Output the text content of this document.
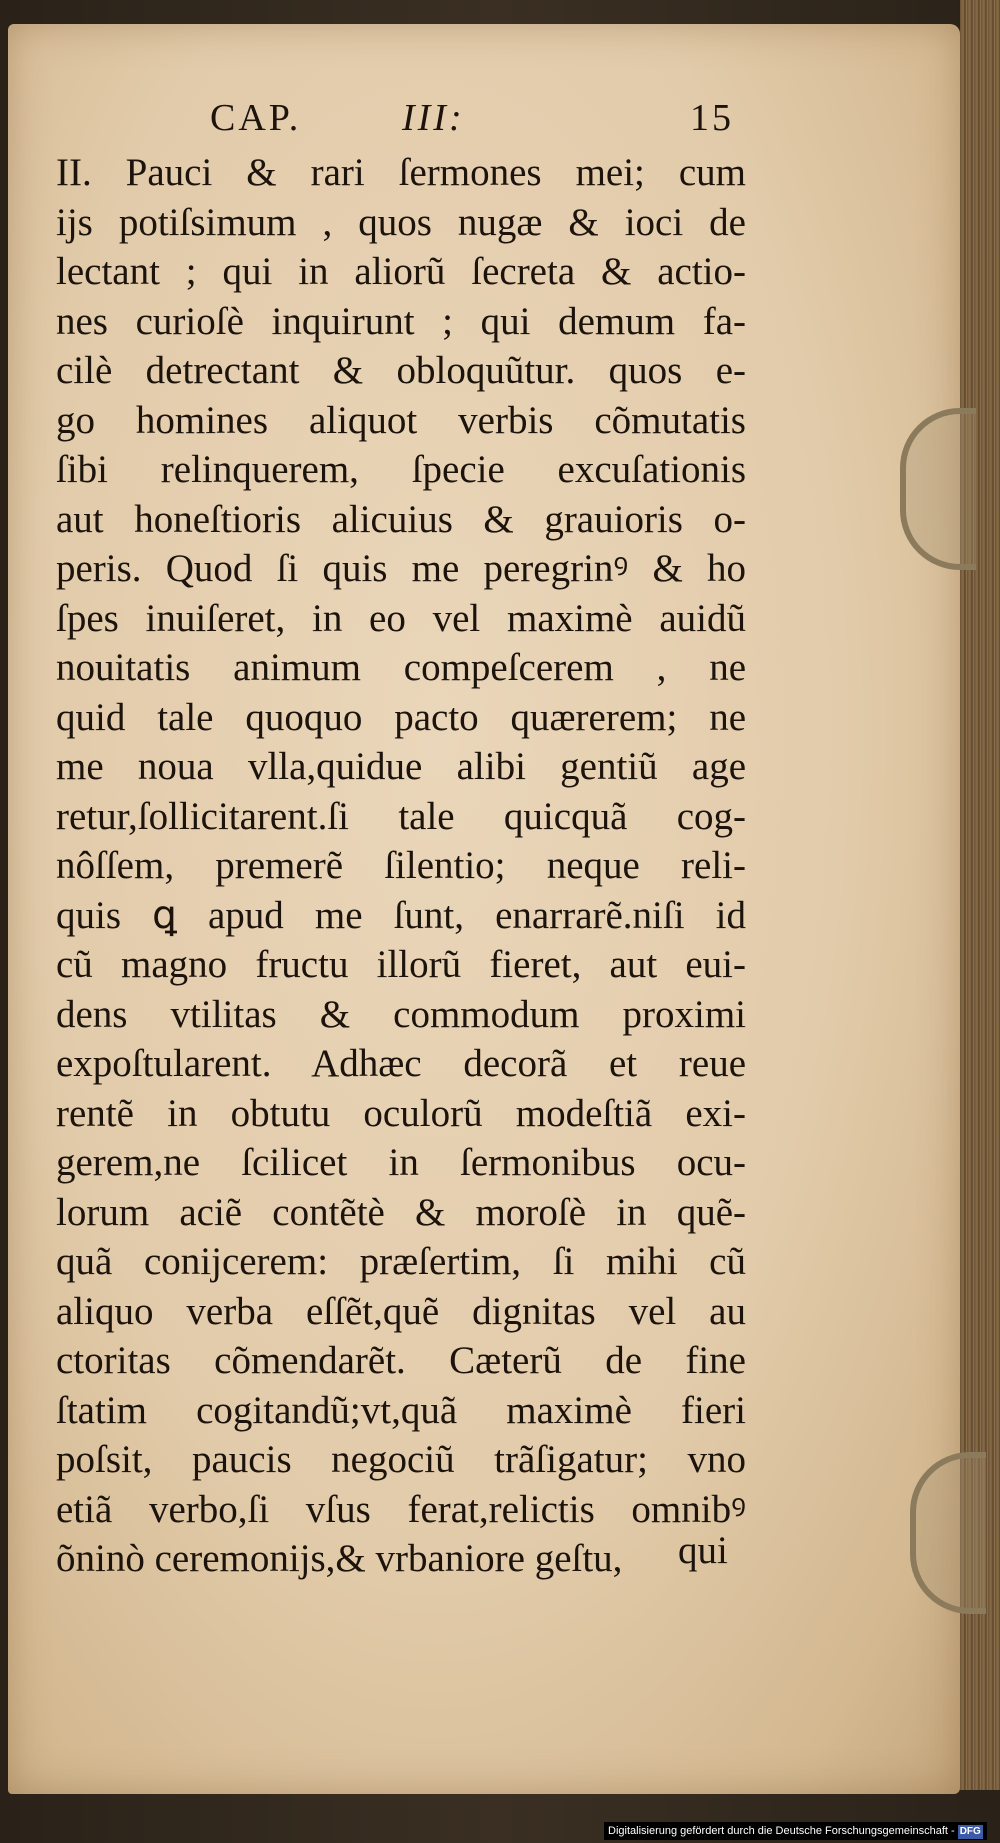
CAP.	III:	15
II. Pauci & rari ſermones mei; cum
ijs potiſsimum , quos nugæ & ioci de
lectant ; qui in aliorũ ſecreta & actio-
nes curioſè inquirunt ; qui demum fa-
cilè detrectant & obloquũtur. quos e-
go homines aliquot verbis cõmutatis
ſibi relinquerem, ſpecie excuſationis
aut honeſtioris alicuius & grauioris o-
peris. Quod ſi quis me peregrinꝰ & ho
ſpes inuiſeret, in eo vel maximè auidũ
nouitatis animum compeſcerem , ne
quid tale quoquo pacto quærerem; ne
me noua vlla,quidue alibi gentiũ age
retur,ſollicitarent.ſi tale quicquã cog-
nôſſem, premerẽ ſilentio; neque reli-
quis ꝗ apud me ſunt, enarrarẽ.niſi id
cũ magno fructu illorũ fieret, aut eui-
dens vtilitas & commodum proximi
expoſtularent. Adhæc decorã et reue
rentẽ in obtutu oculorũ modeſtiã exi-
gerem,ne ſcilicet in ſermonibus ocu-
lorum aciẽ contẽtè & moroſè in quẽ-
quã conijcerem: præſertim, ſi mihi cũ
aliquo verba eſſẽt,quẽ dignitas vel au
ctoritas cõmendarẽt. Cæterũ de fine
ſtatim cogitandũ;vt,quã maximè fieri
poſsit, paucis negociũ trãſigatur; vno
etiã verbo,ſi vſus ferat,relictis omnibꝰ
õninò ceremonijs,& vrbaniore geſtu,	qui
Digitalisierung gefördert durch die Deutsche Forschungsgemeinschaft - DFG
